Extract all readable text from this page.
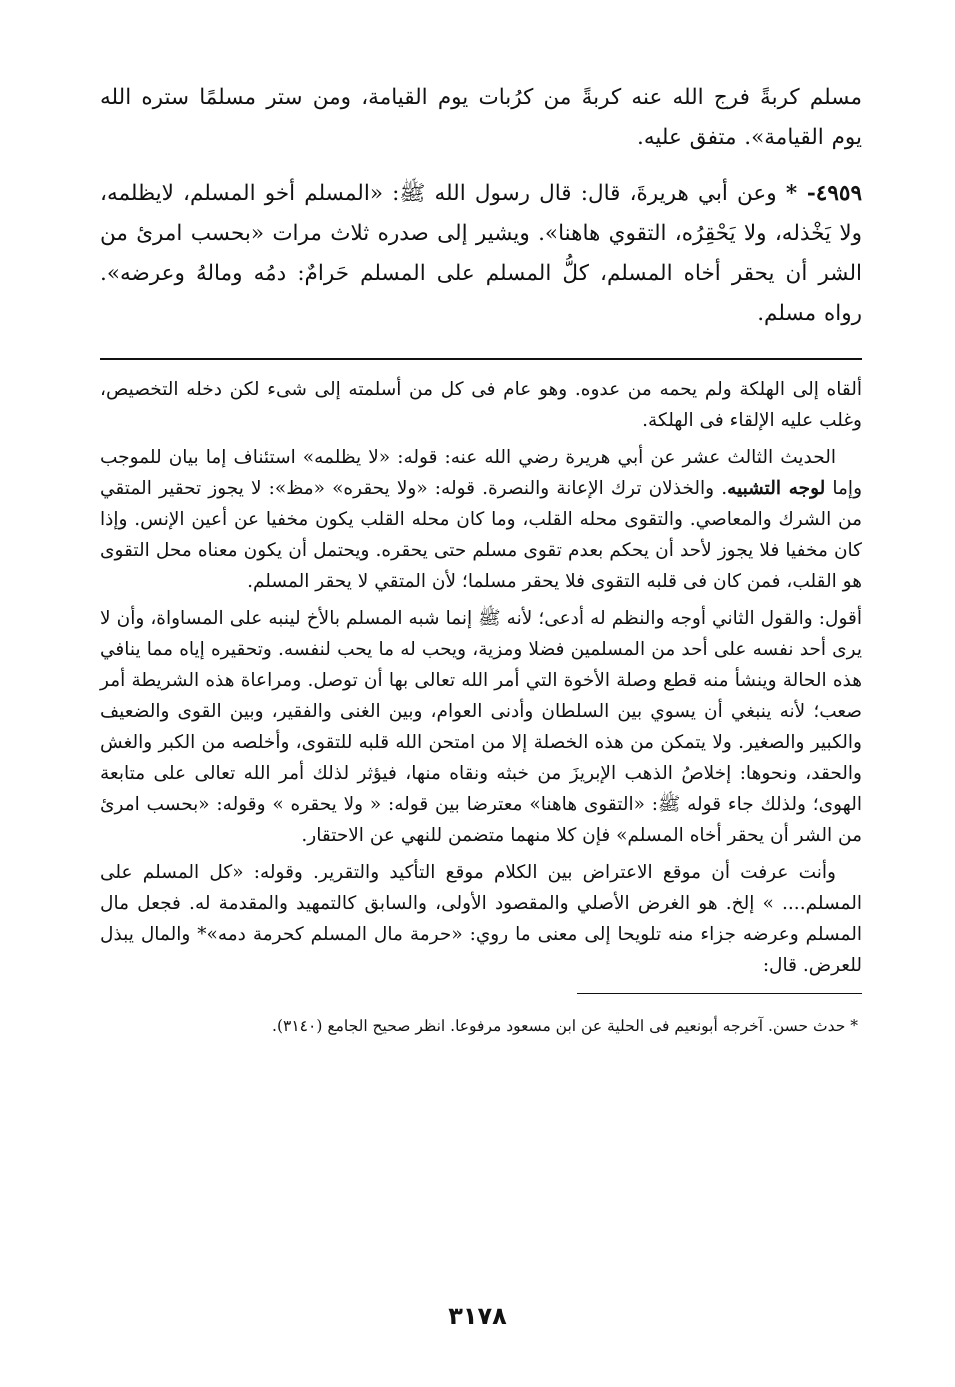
مسلم كربةً فرج الله عنه كربةً من كرُبات يوم القيامة، ومن ستر مسلمًا ستره الله يوم القيامة». متفق عليه.

٤٩٥٩- * وعن أبي هريرةَ، قال: قال رسول الله ﷺ: «المسلم أخو المسلم، لايظلمه، ولا يَخْذله، ولا يَحْقِرُه، التقوي هاهنا». ويشير إلى صدره ثلاث مرات «بحسب امرئ من الشر أن يحقر أخاه المسلم، كلُّ المسلم على المسلم حَرامٌ: دمُه ومالهُ وعرضه». رواه مسلم.

ألقاه إلى الهلكة ولم يحمه من عدوه. وهو عام فى كل من أسلمته إلى شىء لكن دخله التخصيص، وغلب عليه الإلقاء فى الهلكة.

الحديث الثالث عشر عن أبي هريرة رضي الله عنه: قوله: «لا يظلمه» استئناف إما بيان للموجب وإما لوجه التشبيه. والخذلان ترك الإعانة والنصرة. قوله: «ولا يحقره» «مظ»: لا يجوز تحقير المتقي من الشرك والمعاصي. والتقوى محله القلب، وما كان محله القلب يكون مخفيا عن أعين الإنس. وإذا كان مخفيا فلا يجوز لأحد أن يحكم بعدم تقوى مسلم حتى يحقره. ويحتمل أن يكون معناه محل التقوى هو القلب، فمن كان فى قلبه التقوى فلا يحقر مسلما؛ لأن المتقي لا يحقر المسلم.

أقول: والقول الثاني أوجه والنظم له أدعى؛ لأنه ﷺ إنما شبه المسلم بالأخ لينبه على المساواة، وأن لا يرى أحد نفسه على أحد من المسلمين فضلا ومزية، ويحب له ما يحب لنفسه. وتحقيره إياه مما ينافي هذه الحالة وينشأ منه قطع وصلة الأخوة التي أمر الله تعالى بها أن توصل. ومراعاة هذه الشريطة أمر صعب؛ لأنه ينبغي أن يسوي بين السلطان وأدنى العوام، وبين الغنى والفقير، وبين القوى والضعيف والكبير والصغير. ولا يتمكن من هذه الخصلة إلا من امتحن الله قلبه للتقوى، وأخلصه من الكبر والغش والحقد، ونحوها: إخلاصُ الذهب الإبريزَ من خبثه ونقاه منها، فيؤثر لذلك أمر الله تعالى على متابعة الهوى؛ ولذلك جاء قوله ﷺ: «التقوى هاهنا» معترضا بين قوله: « ولا يحقره » وقوله: «بحسب امرئ من الشر أن يحقر أخاه المسلم» فإن كلا منهما متضمن للنهي عن الاحتقار.

وأنت عرفت أن موقع الاعتراض بين الكلام موقع التأكيد والتقرير. وقوله: «كل المسلم على المسلم.... » إلخ. هو الغرض الأصلي والمقصود الأولى، والسابق كالتمهيد والمقدمة له. فجعل مال المسلم وعرضه جزاء منه تلويحا إلى معنى ما روي: «حرمة مال المسلم كحرمة دمه»* والمال يبذل للعرض. قال:

* حدث حسن. آخرجه أبونعيم فى الحلية عن ابن مسعود مرفوعا. انظر صحيح الجامع (٣١٤٠).

٣١٧٨
